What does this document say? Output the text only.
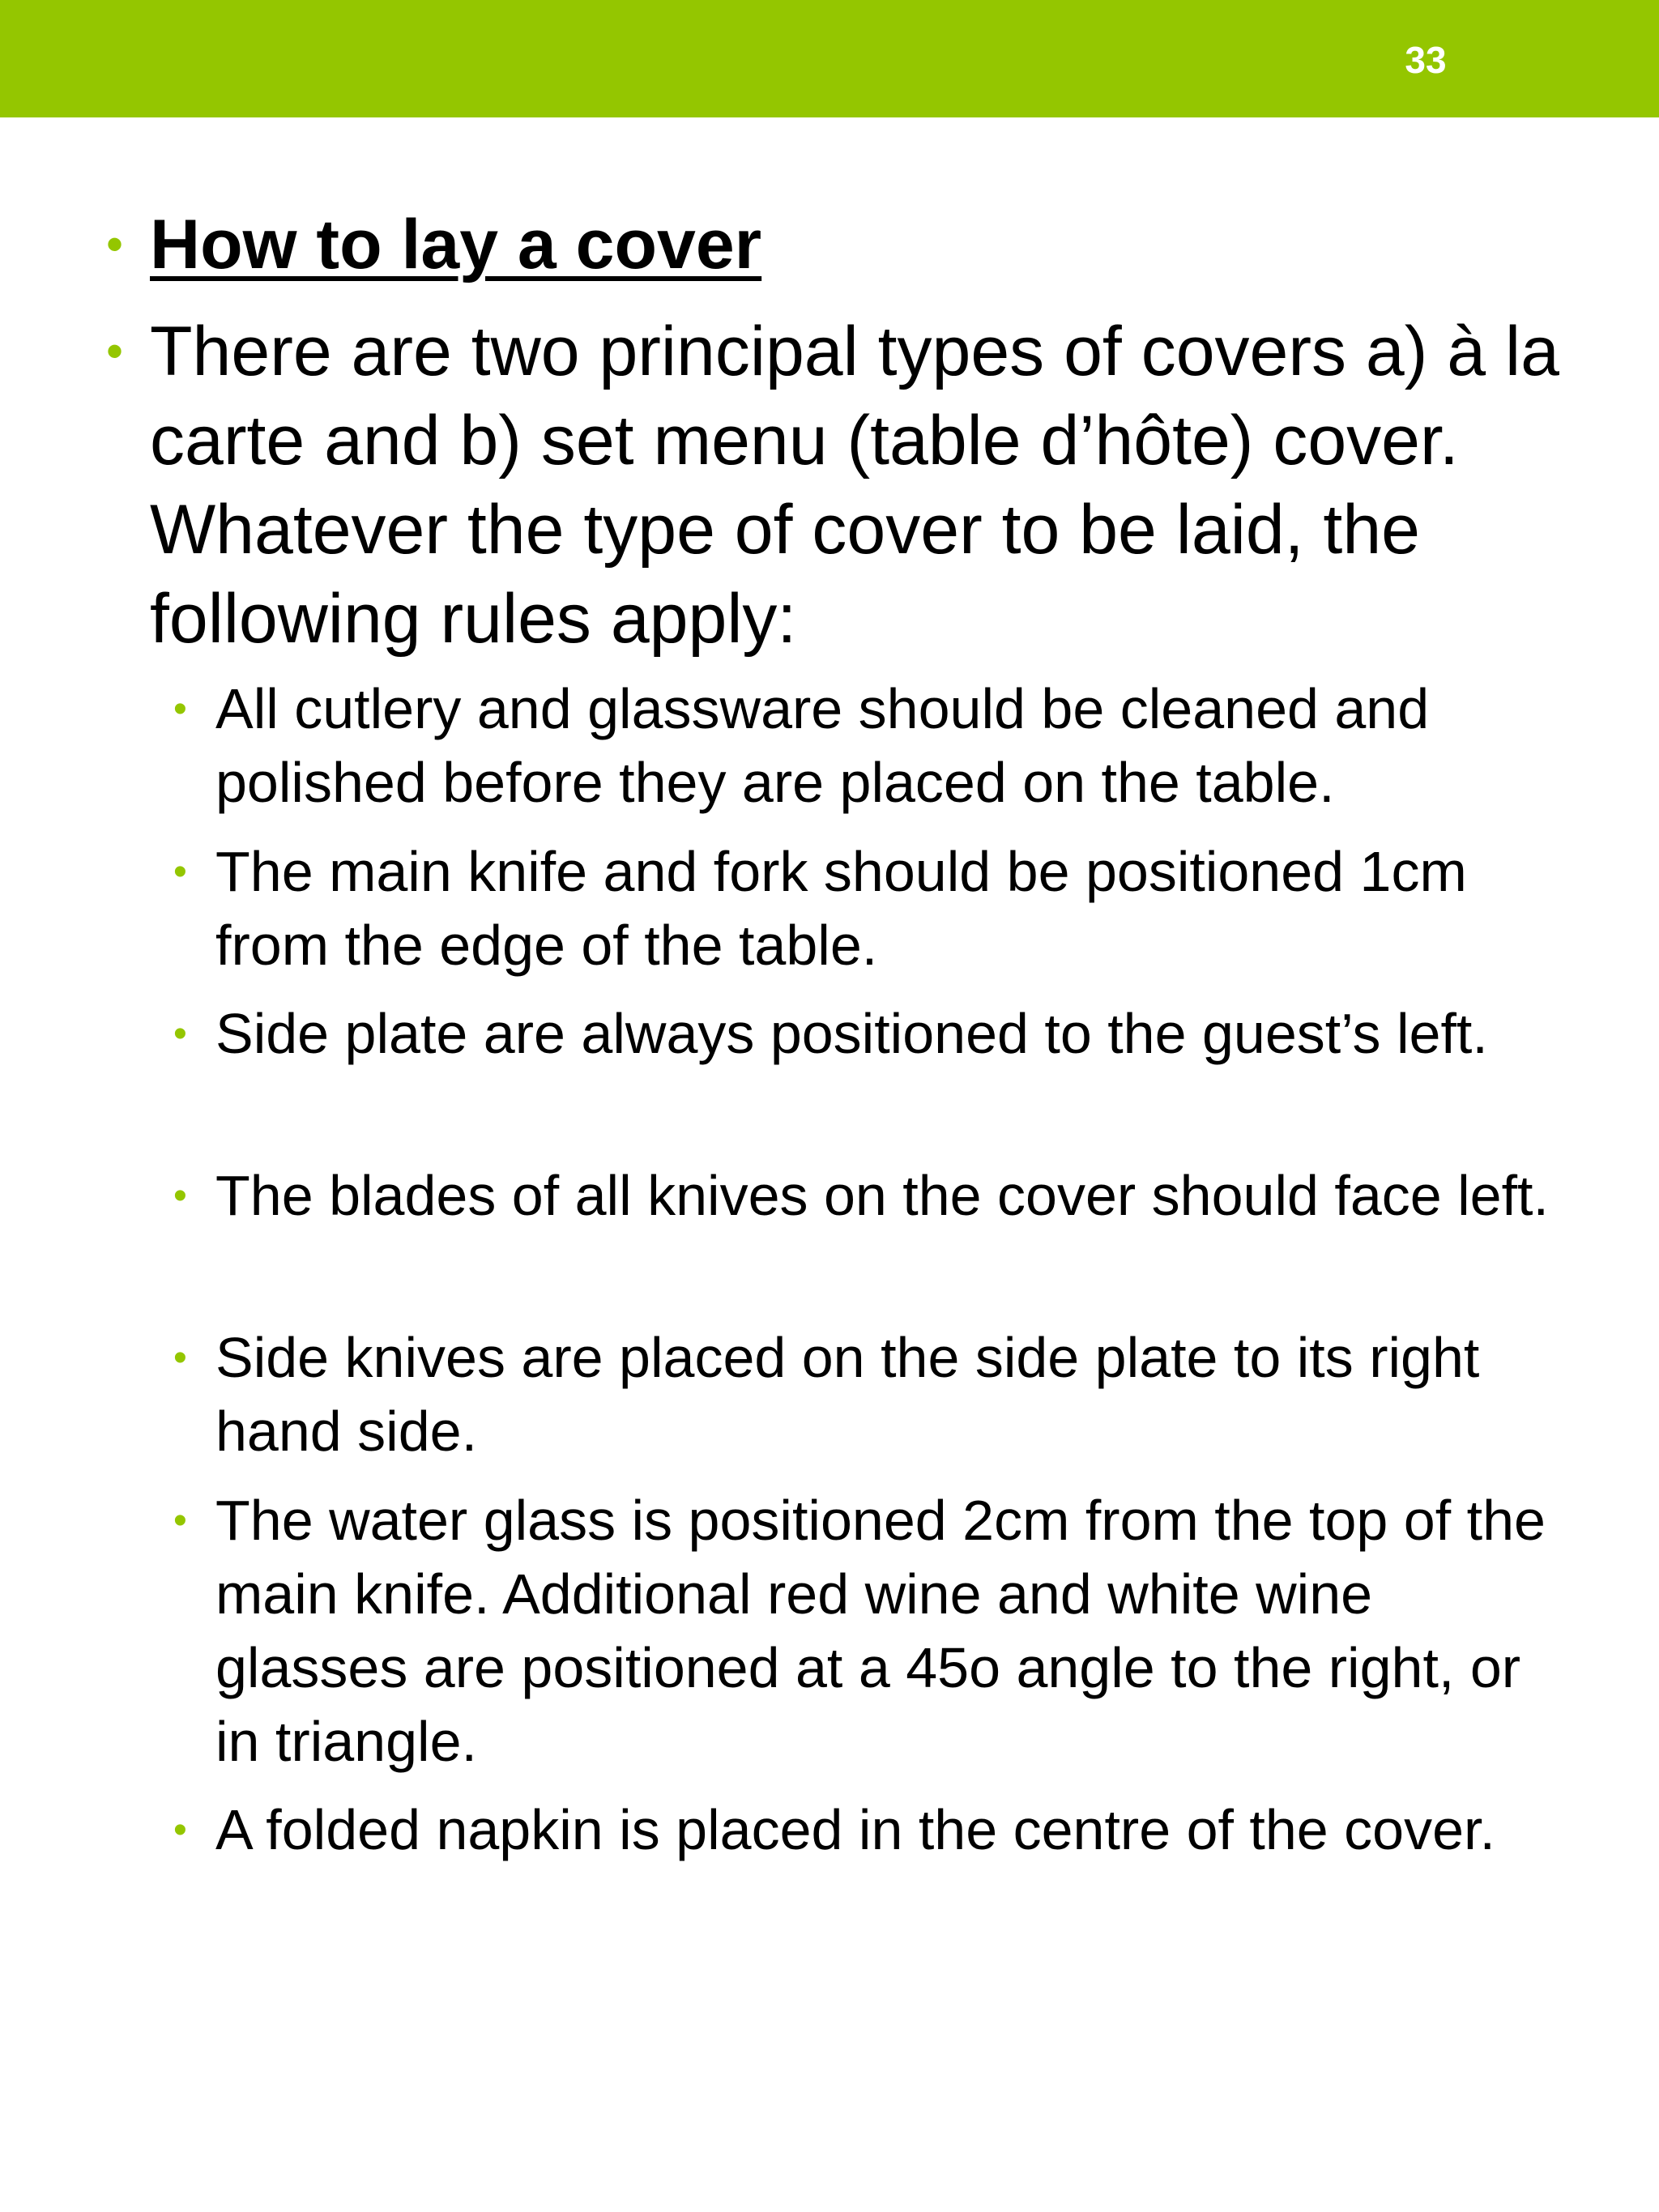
33

• How to lay a cover

• There are two principal types of covers a) à la carte and b) set menu (table d’hôte) cover. Whatever the type of cover to be laid, the following rules apply:

• All cutlery and glassware should be cleaned and polished before they are placed on the table.

• The main knife and fork should be positioned 1cm from the edge of the table.

• Side plate are always positioned to the guest’s left.

• The blades of all knives on the cover should face left.

• Side knives are placed on the side plate to its right hand side.

• The water glass is positioned 2cm from the top of the main knife. Additional red wine and white wine glasses are positioned at a 45o angle to the right, or in triangle.

• A folded napkin is placed in the centre of the cover.
